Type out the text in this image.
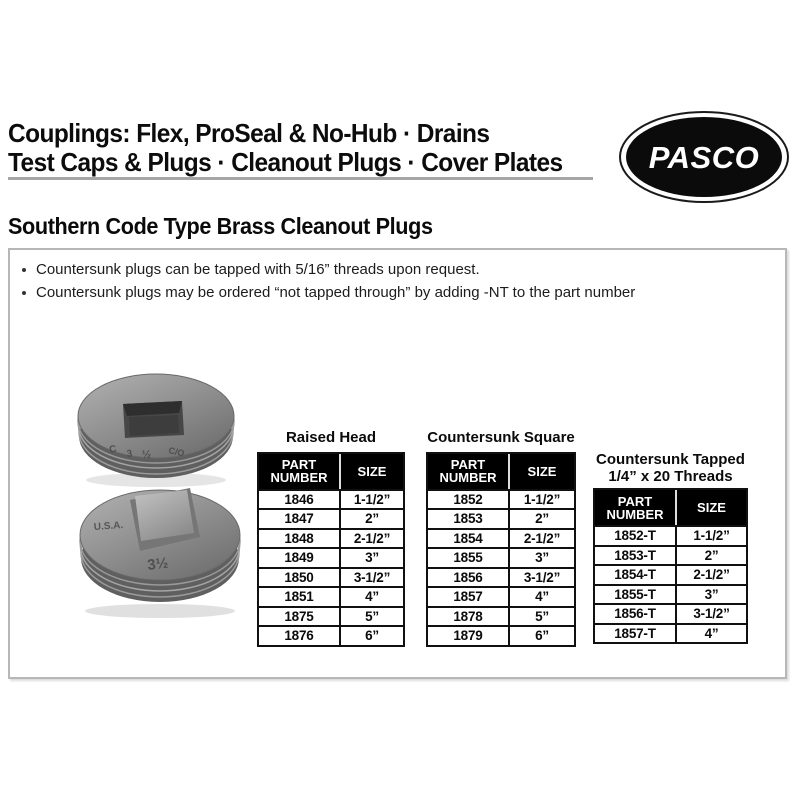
Couplings: Flex, ProSeal & No-Hub · Drains
Test Caps & Plugs · Cleanout Plugs · Cover Plates	PASCO
Southern Code Type Brass Cleanout Plugs
Countersunk plugs can be tapped with 5/16” threads upon request.
Countersunk plugs may be ordered “not tapped through” by adding -NT to the part number
C 3 ½ C/O
U.S.A.
3½
Raised Head
PART NUMBER	SIZE
1846	1-1/2”
1847	2”
1848	2-1/2”
1849	3”
1850	3-1/2”
1851	4”
1875	5”
1876	6”
Countersunk Square
PART NUMBER	SIZE
1852	1-1/2”
1853	2”
1854	2-1/2”
1855	3”
1856	3-1/2”
1857	4”
1878	5”
1879	6”
Countersunk Tapped
1/4” x 20 Threads
PART NUMBER	SIZE
1852-T	1-1/2”
1853-T	2”
1854-T	2-1/2”
1855-T	3”
1856-T	3-1/2”
1857-T	4”
